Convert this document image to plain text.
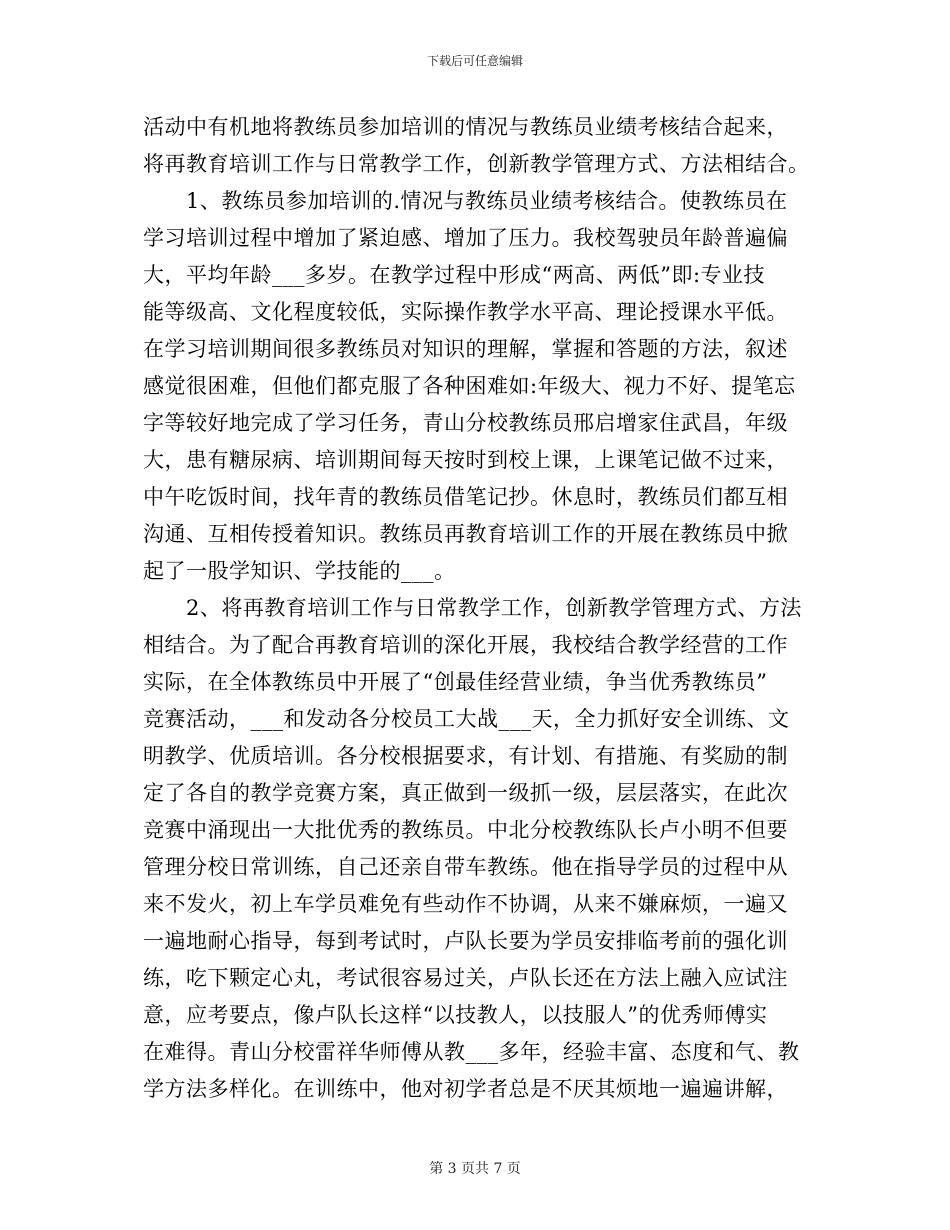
下载后可任意编辑
活动中有机地将教练员参加培训的情况与教练员业绩考核结合起来，
将再教育培训工作与日常教学工作，创新教学管理方式、方法相结合。
1、教练员参加培训的.情况与教练员业绩考核结合。使教练员在
学习培训过程中增加了紧迫感、增加了压力。我校驾驶员年龄普遍偏
大，平均年龄___多岁。在教学过程中形成“两高、两低”即:专业技
能等级高、文化程度较低，实际操作教学水平高、理论授课水平低。
在学习培训期间很多教练员对知识的理解，掌握和答题的方法，叙述
感觉很困难，但他们都克服了各种困难如:年级大、视力不好、提笔忘
字等较好地完成了学习任务，青山分校教练员邢启增家住武昌，年级
大，患有糖尿病、培训期间每天按时到校上课，上课笔记做不过来，
中午吃饭时间，找年青的教练员借笔记抄。休息时，教练员们都互相
沟通、互相传授着知识。教练员再教育培训工作的开展在教练员中掀
起了一股学知识、学技能的___。
2、将再教育培训工作与日常教学工作，创新教学管理方式、方法
相结合。为了配合再教育培训的深化开展，我校结合教学经营的工作
实际，在全体教练员中开展了“创最佳经营业绩，争当优秀教练员”
竞赛活动，___和发动各分校员工大战___天，全力抓好安全训练、文
明教学、优质培训。各分校根据要求，有计划、有措施、有奖励的制
定了各自的教学竞赛方案，真正做到一级抓一级，层层落实，在此次
竞赛中涌现出一大批优秀的教练员。中北分校教练队长卢小明不但要
管理分校日常训练，自己还亲自带车教练。他在指导学员的过程中从
来不发火，初上车学员难免有些动作不协调，从来不嫌麻烦，一遍又
一遍地耐心指导，每到考试时，卢队长要为学员安排临考前的强化训
练，吃下颗定心丸，考试很容易过关，卢队长还在方法上融入应试注
意，应考要点，像卢队长这样“以技教人，以技服人”的优秀师傅实
在难得。青山分校雷祥华师傅从教___多年，经验丰富、态度和气、教
学方法多样化。在训练中，他对初学者总是不厌其烦地一遍遍讲解，
第 3 页共 7 页
